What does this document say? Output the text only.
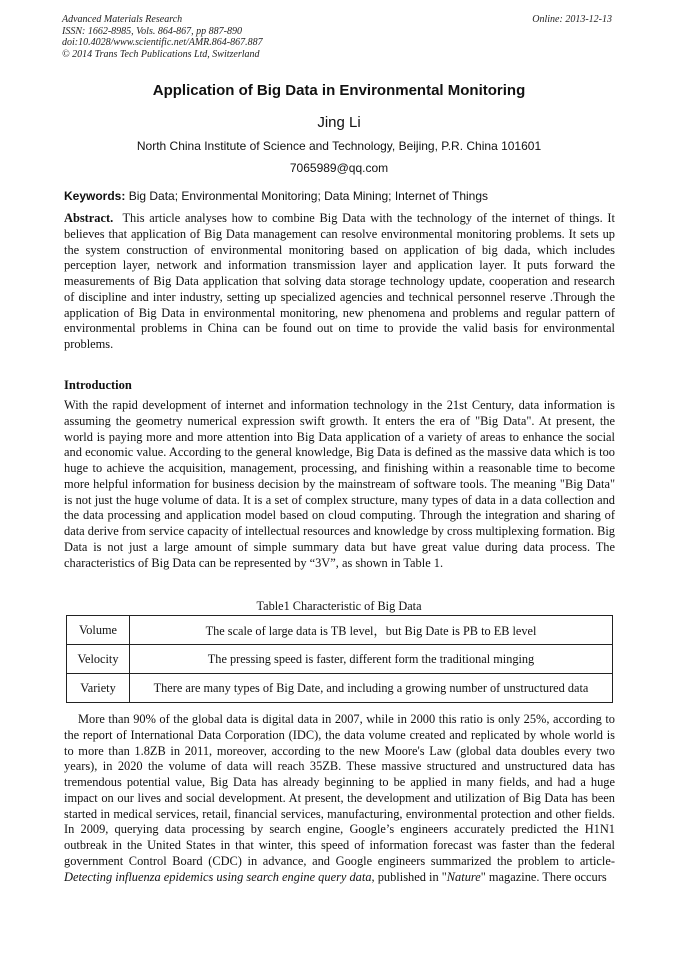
Advanced Materials Research
ISSN: 1662-8985, Vols. 864-867, pp 887-890
doi:10.4028/www.scientific.net/AMR.864-867.887
© 2014 Trans Tech Publications Ltd, Switzerland
Online: 2013-12-13
Application of Big Data in Environmental Monitoring
Jing Li
North China Institute of Science and Technology, Beijing, P.R. China 101601
7065989@qq.com
Keywords: Big Data; Environmental Monitoring; Data Mining; Internet of Things
Abstract. This article analyses how to combine Big Data with the technology of the internet of things. It believes that application of Big Data management can resolve environmental monitoring problems. It sets up the system construction of environmental monitoring based on application of big dada, which includes perception layer, network and information transmission layer and application layer. It puts forward the measurements of Big Data application that solving data storage technology update, cooperation and research of discipline and inter industry, setting up specialized agencies and technical personnel reserve .Through the application of Big Data in environmental monitoring, new phenomena and problems and regular pattern of environmental problems in China can be found out on time to provide the valid basis for environmental problems.
Introduction
With the rapid development of internet and information technology in the 21st Century, data information is assuming the geometry numerical expression swift growth. It enters the era of "Big Data". At present, the world is paying more and more attention into Big Data application of a variety of areas to enhance the social and economic value. According to the general knowledge, Big Data is defined as the massive data which is too huge to achieve the acquisition, management, processing, and finishing within a reasonable time to become more helpful information for business decision by the mainstream of software tools. The meaning "Big Data" is not just the huge volume of data. It is a set of complex structure, many types of data in a data collection and the data processing and application model based on cloud computing. Through the integration and sharing of data derive from service capacity of intellectual resources and knowledge by cross multiplexing formation. Big Data is not just a large amount of simple summary data but have great value during data process. The characteristics of Big Data can be represented by “3V”, as shown in Table 1.
Table1 Characteristic of Big Data
Volume	The scale of large data is TB level，but Big Date is PB to EB level
Velocity	The pressing speed is faster, different form the traditional minging
Variety	There are many types of Big Date, and including a growing number of unstructured data
More than 90% of the global data is digital data in 2007, while in 2000 this ratio is only 25%, according to the report of International Data Corporation (IDC), the data volume created and replicated by whole world is to more than 1.8ZB in 2011, moreover, according to the new Moore's Law (global data doubles every two years), in 2020 the volume of data will reach 35ZB. These massive structured and unstructured data has tremendous potential value, Big Data has already beginning to be applied in many fields, and had a huge impact on our lives and social development. At present, the development and utilization of Big Data has been started in medical services, retail, financial services, manufacturing, environmental protection and other fields. In 2009, querying data processing by search engine, Google’s engineers accurately predicted the H1N1 outbreak in the United States in that winter, this speed of information forecast was faster than the federal government Control Board (CDC) in advance, and Google engineers summarized the problem to article-Detecting influenza epidemics using search engine query data, published in "Nature" magazine. There occurs
